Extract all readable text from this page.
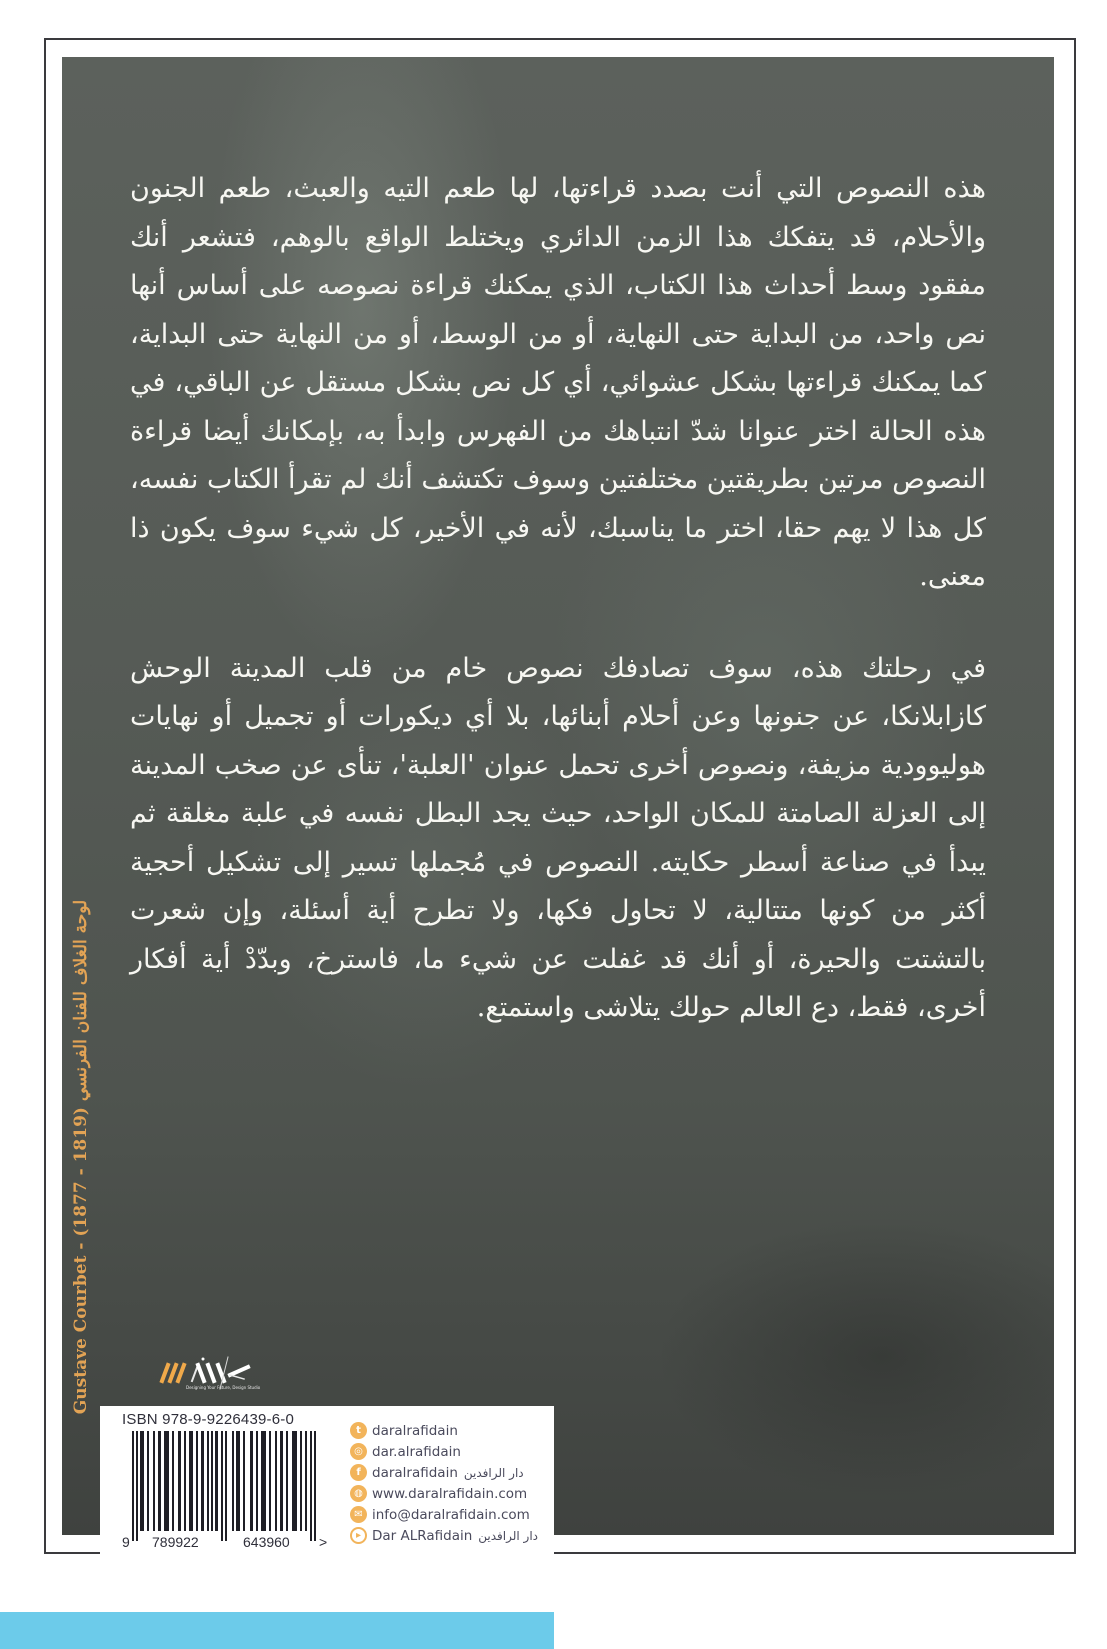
هذه النصوص التي أنت بصدد قراءتها، لها طعم التيه والعبث، طعم الجنون والأحلام، قد يتفكك هذا الزمن الدائري ويختلط الواقع بالوهم، فتشعر أنك مفقود وسط أحداث هذا الكتاب، الذي يمكنك قراءة نصوصه على أساس أنها نص واحد، من البداية حتى النهاية، أو من الوسط، أو من النهاية حتى البداية، كما يمكنك قراءتها بشكل عشوائي، أي كل نص بشكل مستقل عن الباقي، في هذه الحالة اختر عنوانا شدّ انتباهك من الفهرس وابدأ به، بإمكانك أيضا قراءة النصوص مرتين بطريقتين مختلفتين وسوف تكتشف أنك لم تقرأ الكتاب نفسه، كل هذا لا يهم حقا، اختر ما يناسبك، لأنه في الأخير، كل شيء سوف يكون ذا معنى.

في رحلتك هذه، سوف تصادفك نصوص خام من قلب المدينة الوحش كازابلانكا، عن جنونها وعن أحلام أبنائها، بلا أي ديكورات أو تجميل أو نهايات هوليوودية مزيفة، ونصوص أخرى تحمل عنوان 'العلبة'، تنأى عن صخب المدينة إلى العزلة الصامتة للمكان الواحد، حيث يجد البطل نفسه في علبة مغلقة ثم يبدأ في صناعة أسطر حكايته. النصوص في مُجملها تسير إلى تشكيل أحجية أكثر من كونها متتالية، لا تحاول فكها، ولا تطرح أية أسئلة، وإن شعرت بالتشتت والحيرة، أو أنك قد غفلت عن شيء ما، فاسترخ، وبدّدْ أية أفكار أخرى، فقط، دع العالم حولك يتلاشى واستمتع.

لوحة الغلاف للفنان الفرنسي Gustave Courbet - (1877 - 1819)
Designing Your Future, Design Studio
ISBN 978-9-9226439-6-0
9 789922	643960 >
t daralrafidain
◎ dar.alrafidain
f daralrafidain دار الرافدين
◍ www.daralrafidain.com
✉ info@daralrafidain.com
▸ Dar ALRafidain دار الرافدين
